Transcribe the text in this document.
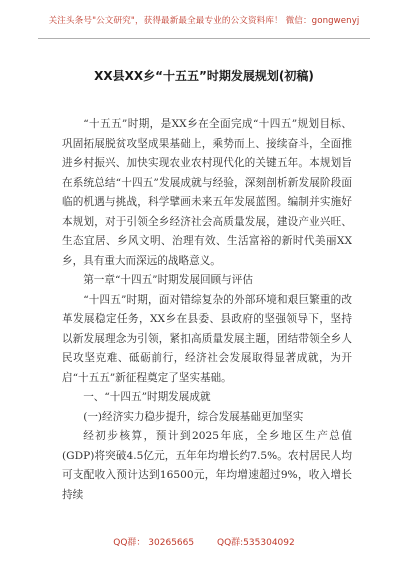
关注头条号"公文研究"，获得最新最全最专业的公文资料库！ 微信：gongwenyj
XX县XX乡“十五五”时期发展规划(初稿)

“十五五”时期，是XX乡在全面完成“十四五”规划目标、巩固拓展脱贫攻坚成果基础上，乘势而上、接续奋斗，全面推进乡村振兴、加快实现农业农村现代化的关键五年。本规划旨在系统总结“十四五”发展成就与经验，深刻剖析新发展阶段面临的机遇与挑战，科学擘画未来五年发展蓝图。编制并实施好本规划，对于引领全乡经济社会高质量发展，建设产业兴旺、生态宜居、乡风文明、治理有效、生活富裕的新时代美丽XX乡，具有重大而深远的战略意义。

第一章“十四五”时期发展回顾与评估

“十四五”时期，面对错综复杂的外部环境和艰巨繁重的改革发展稳定任务，XX乡在县委、县政府的坚强领导下，坚持以新发展理念为引领，紧扣高质量发展主题，团结带领全乡人民攻坚克难、砥砺前行，经济社会发展取得显著成就，为开启“十五五”新征程奠定了坚实基础。

一、“十四五”时期发展成就

(一)经济实力稳步提升，综合发展基础更加坚实

经初步核算，预计到2025年底，全乡地区生产总值(GDP)将突破4.5亿元，五年年均增长约7.5%。农村居民人均可支配收入预计达到16500元，年均增速超过9%，收入增长持续

QQ群： 30265665	QQ群:535304092
